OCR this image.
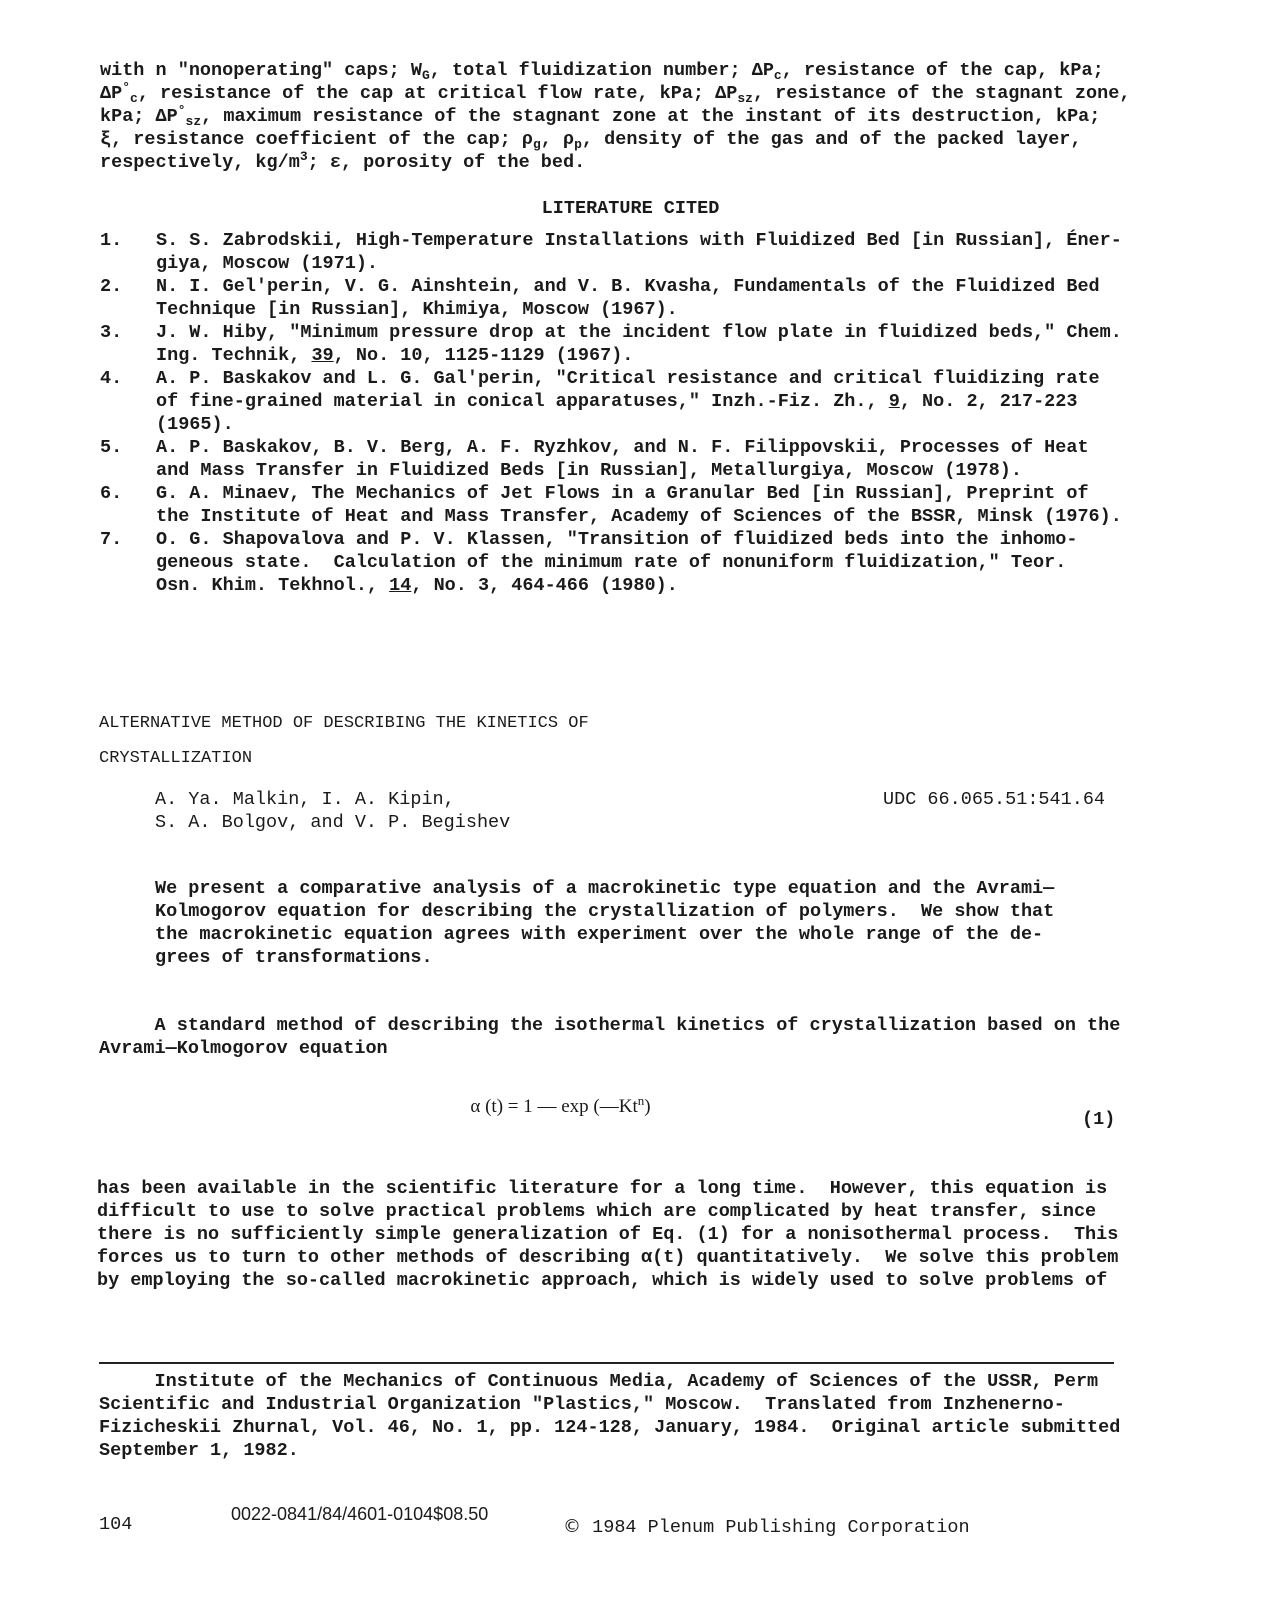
with n "nonoperating" caps; $W_G$, total fluidization number; $\Delta P_c$, resistance of the cap, kPa;
$\Delta P^\circ_c$, resistance of the cap at critical flow rate, kPa; $\Delta P_{sz}$, resistance of the stagnant zone,
kPa; $\Delta P^\circ_{sz}$, maximum resistance of the stagnant zone at the instant of its destruction, kPa;
ξ, resistance coefficient of the cap; $\rho_g$, $\rho_p$, density of the gas and of the packed layer,
respectively, $kg/m^3$; ε, porosity of the bed.
LITERATURE CITED
1.	S. S. Zabrodskii, High-Temperature Installations with Fluidized Bed [in Russian], Éner-
giya, Moscow (1971).
2.	N. I. Gel'perin, V. G. Ainshtein, and V. B. Kvasha, Fundamentals of the Fluidized Bed
Technique [in Russian], Khimiya, Moscow (1967).
3.	J. W. Hiby, "Minimum pressure drop at the incident flow plate in fluidized beds," Chem.
Ing. Technik, 39, No. 10, 1125-1129 (1967).
4.	A. P. Baskakov and L. G. Gal'perin, "Critical resistance and critical fluidizing rate
of fine-grained material in conical apparatuses," Inzh.-Fiz. Zh., 9, No. 2, 217-223
(1965).
5.	A. P. Baskakov, B. V. Berg, A. F. Ryzhkov, and N. F. Filippovskii, Processes of Heat
and Mass Transfer in Fluidized Beds [in Russian], Metallurgiya, Moscow (1978).
6.	G. A. Minaev, The Mechanics of Jet Flows in a Granular Bed [in Russian], Preprint of
the Institute of Heat and Mass Transfer, Academy of Sciences of the BSSR, Minsk (1976).
7.	O. G. Shapovalova and P. V. Klassen, "Transition of fluidized beds into the inhomo-
geneous state.  Calculation of the minimum rate of nonuniform fluidization," Teor.
Osn. Khim. Tekhnol., 14, No. 3, 464-466 (1980).
ALTERNATIVE METHOD OF DESCRIBING THE KINETICS OF
CRYSTALLIZATION
A. Ya. Malkin, I. A. Kipin,
S. A. Bolgov, and V. P. Begishev
UDC 66.065.51:541.64
We present a comparative analysis of a macrokinetic type equation and the Avrami—
Kolmogorov equation for describing the crystallization of polymers.  We show that
the macrokinetic equation agrees with experiment over the whole range of the de-
grees of transformations.
A standard method of describing the isothermal kinetics of crystallization based on the
Avrami—Kolmogorov equation
α (t) = 1 — exp (—Kt$^n$)
(1)
has been available in the scientific literature for a long time.  However, this equation is
difficult to use to solve practical problems which are complicated by heat transfer, since
there is no sufficiently simple generalization of Eq. (1) for a nonisothermal process.  This
forces us to turn to other methods of describing α(t) quantitatively.  We solve this problem
by employing the so-called macrokinetic approach, which is widely used to solve problems of
Institute of the Mechanics of Continuous Media, Academy of Sciences of the USSR, Perm
Scientific and Industrial Organization "Plastics," Moscow.  Translated from Inzhenerno-
Fizicheskii Zhurnal, Vol. 46, No. 1, pp. 124-128, January, 1984.  Original article submitted
September 1, 1982.
104	0022-0841/84/4601-0104$08.50
© 1984 Plenum Publishing Corporation
